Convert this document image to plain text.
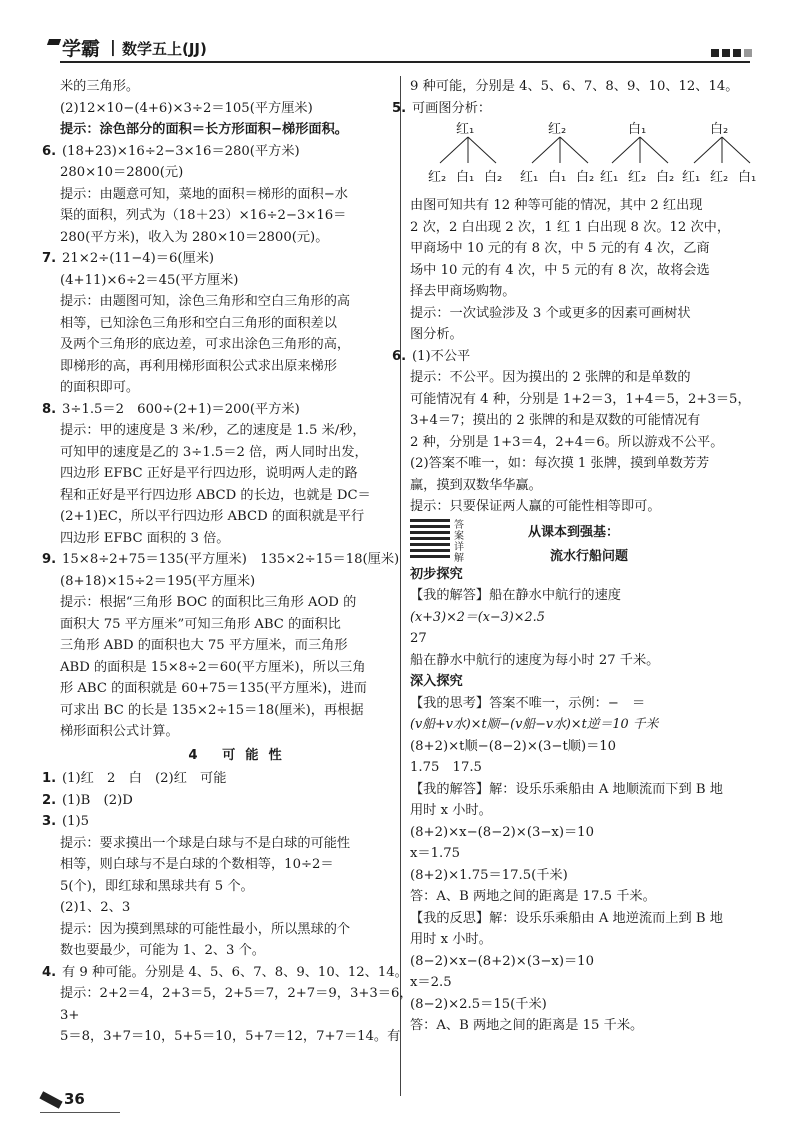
学霸 | 数学五上(JJ)
米的三角形。
(2)12×10−(4+6)×3÷2＝105(平方厘米)
提示：涂色部分的面积＝长方形面积−梯形面积。
6. (18+23)×16÷2−3×16＝280(平方米)
280×10＝2800(元)
提示：由题意可知，菜地的面积＝梯形的面积−水
渠的面积，列式为（18＋23）×16÷2−3×16＝
280(平方米)，收入为 280×10＝2800(元)。
7. 21×2÷(11−4)＝6(厘米)
(4+11)×6÷2＝45(平方厘米)
提示：由题图可知，涂色三角形和空白三角形的高
相等，已知涂色三角形和空白三角形的面积差以
及两个三角形的底边差，可求出涂色三角形的高，
即梯形的高，再利用梯形面积公式求出原来梯形
的面积即可。
8. 3÷1.5＝2　600÷(2+1)＝200(平方米)
提示：甲的速度是 3 米/秒，乙的速度是 1.5 米/秒，
可知甲的速度是乙的 3÷1.5＝2 倍，两人同时出发，
四边形 EFBC 正好是平行四边形，说明两人走的路
程和正好是平行四边形 ABCD 的长边，也就是 DC＝
(2+1)EC，所以平行四边形 ABCD 的面积就是平行
四边形 EFBC 面积的 3 倍。
9. 15×8÷2+75＝135(平方厘米)　135×2÷15＝18(厘米)
(8+18)×15÷2＝195(平方厘米)
提示：根据“三角形 BOC 的面积比三角形 AOD 的
面积大 75 平方厘米”可知三角形 ABC 的面积比
三角形 ABD 的面积也大 75 平方厘米，而三角形
ABD 的面积是 15×8÷2＝60(平方厘米)，所以三角
形 ABC 的面积就是 60+75＝135(平方厘米)，进而
可求出 BC 的长是 135×2÷15＝18(厘米)，再根据
梯形面积公式计算。
4 可能性
1. (1)红　2　白　(2)红　可能
2. (1)B　(2)D
3. (1)5
提示：要求摸出一个球是白球与不是白球的可能性
相等，则白球与不是白球的个数相等，10÷2＝
5(个)，即红球和黑球共有 5 个。
(2)1、2、3
提示：因为摸到黑球的可能性最小，所以黑球的个
数也要最少，可能为 1、2、3 个。
4. 有 9 种可能。分别是 4、5、6、7、8、9、10、12、14。
提示：2+2＝4，2+3＝5，2+5＝7，2+7＝9，3+3＝6，3+
5＝8，3+7＝10，5+5＝10，5+7＝12，7+7＝14。有
9 种可能，分别是 4、5、6、7、8、9、10、12、14。
5. 可画图分析：
红₁	红₂	白₁	白₂
红₂ 白₁ 白₂ 红₁ 白₁ 白₂ 红₁ 红₂ 白₂ 红₁ 红₂ 白₁
由图可知共有 12 种等可能的情况，其中 2 红出现
2 次，2 白出现 2 次，1 红 1 白出现 8 次。12 次中，
甲商场中 10 元的有 8 次，中 5 元的有 4 次，乙商
场中 10 元的有 4 次，中 5 元的有 8 次，故将会选
择去甲商场购物。
提示：一次试验涉及 3 个或更多的因素可画树状
图分析。
6. (1)不公平
提示：不公平。因为摸出的 2 张牌的和是单数的
可能情况有 4 种，分别是 1+2＝3，1+4＝5，2+3＝5，
3+4＝7；摸出的 2 张牌的和是双数的可能情况有
2 种，分别是 1+3＝4，2+4＝6。所以游戏不公平。
(2)答案不唯一，如：每次摸 1 张牌，摸到单数芳芳
赢，摸到双数华华赢。
提示：只要保证两人赢的可能性相等即可。
答案详解
从课本到强基：
流水行船问题
初步探究
【我的解答】船在静水中航行的速度
(x+3)×2＝(x−3)×2.5
27
船在静水中航行的速度为每小时 27 千米。
深入探究
【我的思考】答案不唯一，示例：−　＝
(v船+v水)×t顺−(v船−v水)×t逆＝10 千米
(8+2)×t顺−(8−2)×(3−t顺)＝10
1.75　17.5
【我的解答】解：设乐乐乘船由 A 地顺流而下到 B 地
用时 x 小时。
(8+2)×x−(8−2)×(3−x)＝10
x＝1.75
(8+2)×1.75＝17.5(千米)
答：A、B 两地之间的距离是 17.5 千米。
【我的反思】解：设乐乐乘船由 A 地逆流而上到 B 地
用时 x 小时。
(8−2)×x−(8+2)×(3−x)＝10
x＝2.5
(8−2)×2.5＝15(千米)
答：A、B 两地之间的距离是 15 千米。
36
